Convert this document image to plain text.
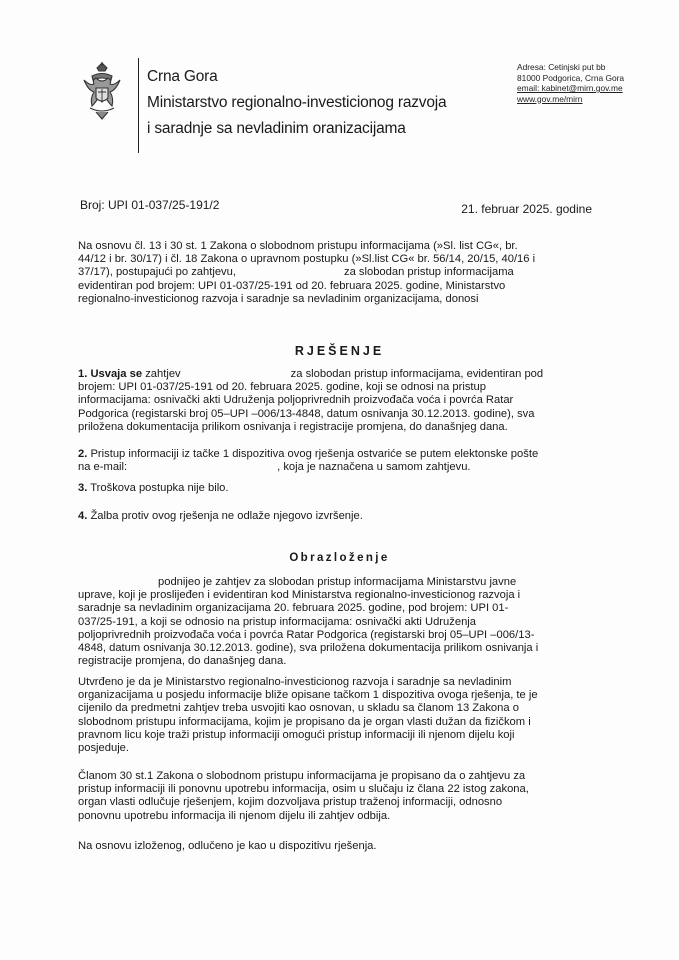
Crna Gora
Ministarstvo regionalno-investicionog razvoja
i saradnje sa nevladinim oranizacijama
Adresa: Cetinjski put bb
81000 Podgorica, Crna Gora
email: kabinet@mirn.gov.me
www.gov.me/mirn
Broj: UPI 01-037/25-191/2	21. februar 2025. godine

Na osnovu čl. 13 i 30 st. 1 Zakona o slobodnom pristupu informacijama (»Sl. list CG«, br.

44/12 i br. 30/17) i čl. 18 Zakona o upravnom postupku (»Sl.list CG« br. 56/14, 20/15, 40/16 i

37/17), postupajući po zahtjevu,	za slobodan pristup informacijama

evidentiran pod brojem: UPI 01-037/25-191 od 20. februara 2025. godine, Ministarstvo

regionalno-investicionog razvoja i saradnje sa nevladinim organizacijama, donosi

RJEŠENJE

1. Usvaja se zahtjev	za slobodan pristup informacijama, evidentiran pod

brojem: UPI 01-037/25-191 od 20. februara 2025. godine, koji se odnosi na pristup

informacijama: osnivački akti Udruženja poljoprivrednih proizvođača voća i povrća Ratar

Podgorica (registarski broj 05–UPI –006/13-4848, datum osnivanja 30.12.2013. godine), sva

priložena dokumentacija prilikom osnivanja i registracije promjena, do današnjeg dana.

2. Pristup informaciji iz tačke 1 dispozitiva ovog rješenja ostvariće se putem elektonske pošte

na e-mail:	, koja je naznačena u samom zahtjevu.

3. Troškova postupka nije bilo.

4. Žalba protiv ovog rješenja ne odlaže njegovo izvršenje.

Obrazloženje

podnijeo je zahtjev za slobodan pristup informacijama Ministarstvu javne

uprave, koji je proslijeđen i evidentiran kod Ministarstva regionalno-investicionog razvoja i

saradnje sa nevladinim organizacijama 20. februara 2025. godine, pod brojem: UPI 01-

037/25-191, a koji se odnosio na pristup informacijama: osnivački akti Udruženja

poljoprivrednih proizvođača voća i povrća Ratar Podgorica (registarski broj 05–UPI –006/13-

4848, datum osnivanja 30.12.2013. godine), sva priložena dokumentacija prilikom osnivanja i

registracije promjena, do današnjeg dana.

Utvrđeno je da je Ministarstvo regionalno-investicionog razvoja i saradnje sa nevladinim

organizacijama u posjedu informacije bliže opisane tačkom 1 dispozitiva ovoga rješenja, te je

cijenilo da predmetni zahtjev treba usvojiti kao osnovan, u skladu sa članom 13 Zakona o

slobodnom pristupu informacijama, kojim je propisano da je organ vlasti dužan da fizičkom i

pravnom licu koje traži pristup informaciji omogući pristup informaciji ili njenom dijelu koji

posjeduje.

Članom 30 st.1 Zakona o slobodnom pristupu informacijama je propisano da o zahtjevu za

pristup informaciji ili ponovnu upotrebu informacija, osim u slučaju iz člana 22 istog zakona,

organ vlasti odlučuje rješenjem, kojim dozvoljava pristup traženoj informaciji, odnosno

ponovnu upotrebu informacija ili njenom dijelu ili zahtjev odbija.

Na osnovu izloženog, odlučeno je kao u dispozitivu rješenja.
